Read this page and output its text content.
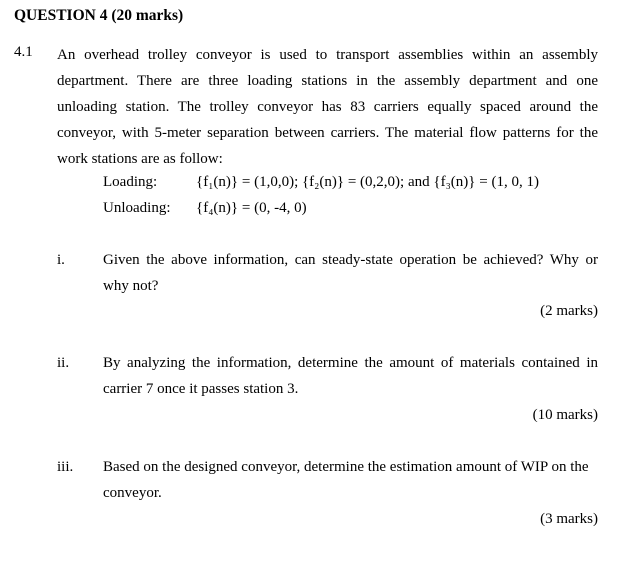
QUESTION 4 (20 marks)
4.1 An overhead trolley conveyor is used to transport assemblies within an assembly
department. There are three loading stations in the assembly department and one
unloading station. The trolley conveyor has 83 carriers equally spaced around the
conveyor, with 5-meter separation between carriers. The material flow patterns for the
work stations are as follow:
Loading:	{f₁(n)} = (1,0,0); {f₂(n)} = (0,2,0); and {f₃(n)} = (1, 0, 1)
Unloading: {f₄(n)} = (0, -4, 0)
i.	Given the above information, can steady-state operation be achieved? Why or
why not?
(2 marks)
ii. By analyzing the information, determine the amount of materials contained in
carrier 7 once it passes station 3.
(10 marks)
iii. Based on the designed conveyor, determine the estimation amount of WIP on the
conveyor.
(3 marks)
